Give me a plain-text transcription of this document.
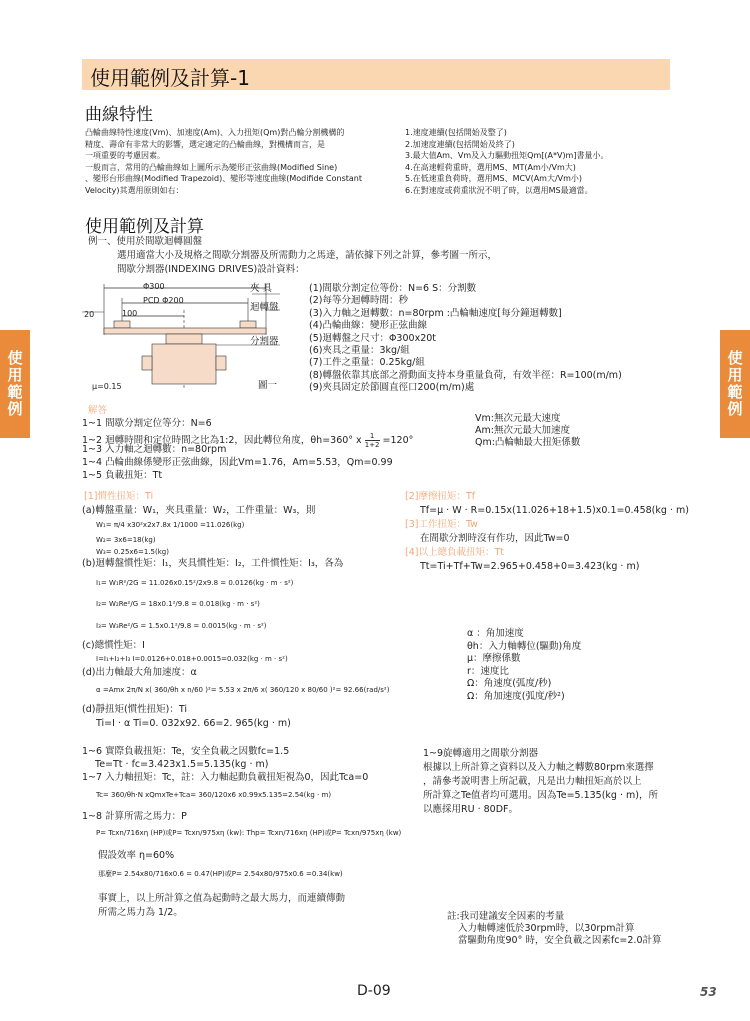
使用範例及計算-1
使用範例	使用範例
曲線特性
凸輪曲線特性速度(Vm)、加速度(Am)、入力扭矩(Qm)對凸輪分割機構的
精度、壽命有非常大的影響，選定適定的凸輪曲線，對機構而言，是
一項重要的考慮因素。
一般而言，常用的凸輪曲線如上圖所示為變形正弦曲線(Modified Sine)
、變形台形曲線(Modified Trapezoid)、變形等速度曲線(Modifide Constant
Velocity)其選用原則如右：
1.速度連續(包括開始及整了)
2.加速度連續(包括開始及終了)
3.最大值Am、Vm及入力驅動扭矩Qm[(A*V)m]書量小。
4.在高速輕荷重時，選用MS、MT(Am小/Vm大)
5.在低速重負荷時，選用MS、MCV(Am大/Vm小)
6.在對速度或荷重狀況不明了時，以選用MS最適當。
使用範例及計算
例一、使用於間歇迴轉圓盤
選用適當大小及規格之間歇分割器及所需動力之馬達，請依據下列之計算，參考圖一所示，
間歇分割器(INDEXING DRIVES)設計資料：
Φ300
PCD Φ200
100
20
夾 具
迴轉盤
分割器
μ=0.15	圖一
(1)間歇分割定位等份：N=6 S：分割數
(2)每等分迴轉時間：秒
(3)入力軸之迴轉數：n=80rpm :凸輪軸速度[每分鐘迴轉數]
(4)凸輪曲線：變形正弦曲線
(5)迴轉盤之尺寸：Φ300x20t
(6)夾具之重量：3kg/組
(7)工件之重量：0.25kg/組
(8)轉盤依靠其底部之滑動面支持本身重量負荷，有效半徑：R=100(m/m)
(9)夾具固定於節圓直徑口200(m/m)處
解答
1~1 間歇分割定位等分：N=6
1~2 迴轉時間和定位時間之比為1:2，因此轉位角度，θh=360° x $\frac{1}{1+2} =120^\circ$
1~3 入力軸之迴轉數：n=80rpm
1~4 凸輪曲線係變形正弦曲線，因此Vm=1.76，Am=5.53，Qm=0.99
1~5 負載扭矩：Tt
Vm:無次元最大速度
Am:無次元最大加速度
Qm:凸輪軸最大扭矩係數
[1]慣性扭矩：Ti
(a)轉盤重量：W₁，夾具重量：W₂，工件重量：W₃，則
W₁= π/4 x30²x2x7.8x 1/1000 =11.026(kg)
W₂= 3x6=18(kg)
W₃= 0.25x6=1.5(kg)
(b)迴轉盤慣性矩：I₁，夾具慣性矩：I₂，工件慣性矩：I₃，各為
I₁= W₁R²/2G = 11.026x0.15²/2x9.8 = 0.0126(kg · m · s²)
I₂= W₂Re²/G = 18x0.1²/9.8 = 0.018(kg · m · s²)
I₃= W₃Re²/G = 1.5x0.1²/9.8 = 0.0015(kg · m · s²)
(c)總慣性矩：I
I=I₁+I₂+I₃ I=0.0126+0.018+0.0015=0.032(kg · m · s²)
(d)出力軸最大角加速度：α
α =Amx 2π/N x( 360/θh x n/60 )²= 5.53 x 2π/6 x( 360/120 x 80/60 )²= 92.66(rad/s²)
(d)靜扭矩(慣性扭矩)：Ti
Ti=I · α Ti=0. 032x92. 66=2. 965(kg · m)
[2]摩擦扭矩：Tf
Tf=μ · W · R=0.15x(11.026+18+1.5)x0.1=0.458(kg · m)
[3]工作扭矩：Tw
在間歇分割時沒有作功，因此Tw=0
[4]以上總負載扭矩：Tt
Tt=Ti+Tf+Tw=2.965+0.458+0=3.423(kg · m)
α ：角加速度
θh：入力軸轉位(驅動)角度
μ：摩擦係數
r：速度比
Ω：角速度(弧度/秒)
Ω：角加速度(弧度/秒²)
1~6 實際負載扭矩：Te，安全負載之因數fc=1.5
Te=Tt · fc=3.423x1.5=5.135(kg · m)
1~7 入力軸扭矩：Tc，註：入力軸起動負載扭矩視為0，因此Tca=0
Tc= 360/θh·N xQmxTe+Tca= 360/120x6 x0.99x5.135=2.54(kg · m)
1~8 計算所需之馬力：P
P= Tcxn/716xη (HP)或P= Tcxn/975xη (kw): Thp= Tcxn/716xη (HP)或P= Tcxn/975xη (kw)
假設效率 η=60%
那麼P= 2.54x80/716x0.6 = 0.47(HP)或P= 2.54x80/975x0.6 =0.34(kw)
事實上，以上所計算之值為起動時之最大馬力，而連續傳動
所需之馬力為 1/2。
1~9旋轉適用之間歇分割器
根據以上所計算之資料以及入力軸之轉數80rpm來選擇
，請參考說明書上所記載，凡是出力軸扭矩高於以上
所計算之Te值者均可選用。因為Te=5.135(kg · m)，所
以應採用RU · 80DF。
註:我司建議安全因素的考量
入力軸轉速低於30rpm時，以30rpm計算
當驅動角度90° 時，安全負載之因素fc=2.0計算
D-09	53
